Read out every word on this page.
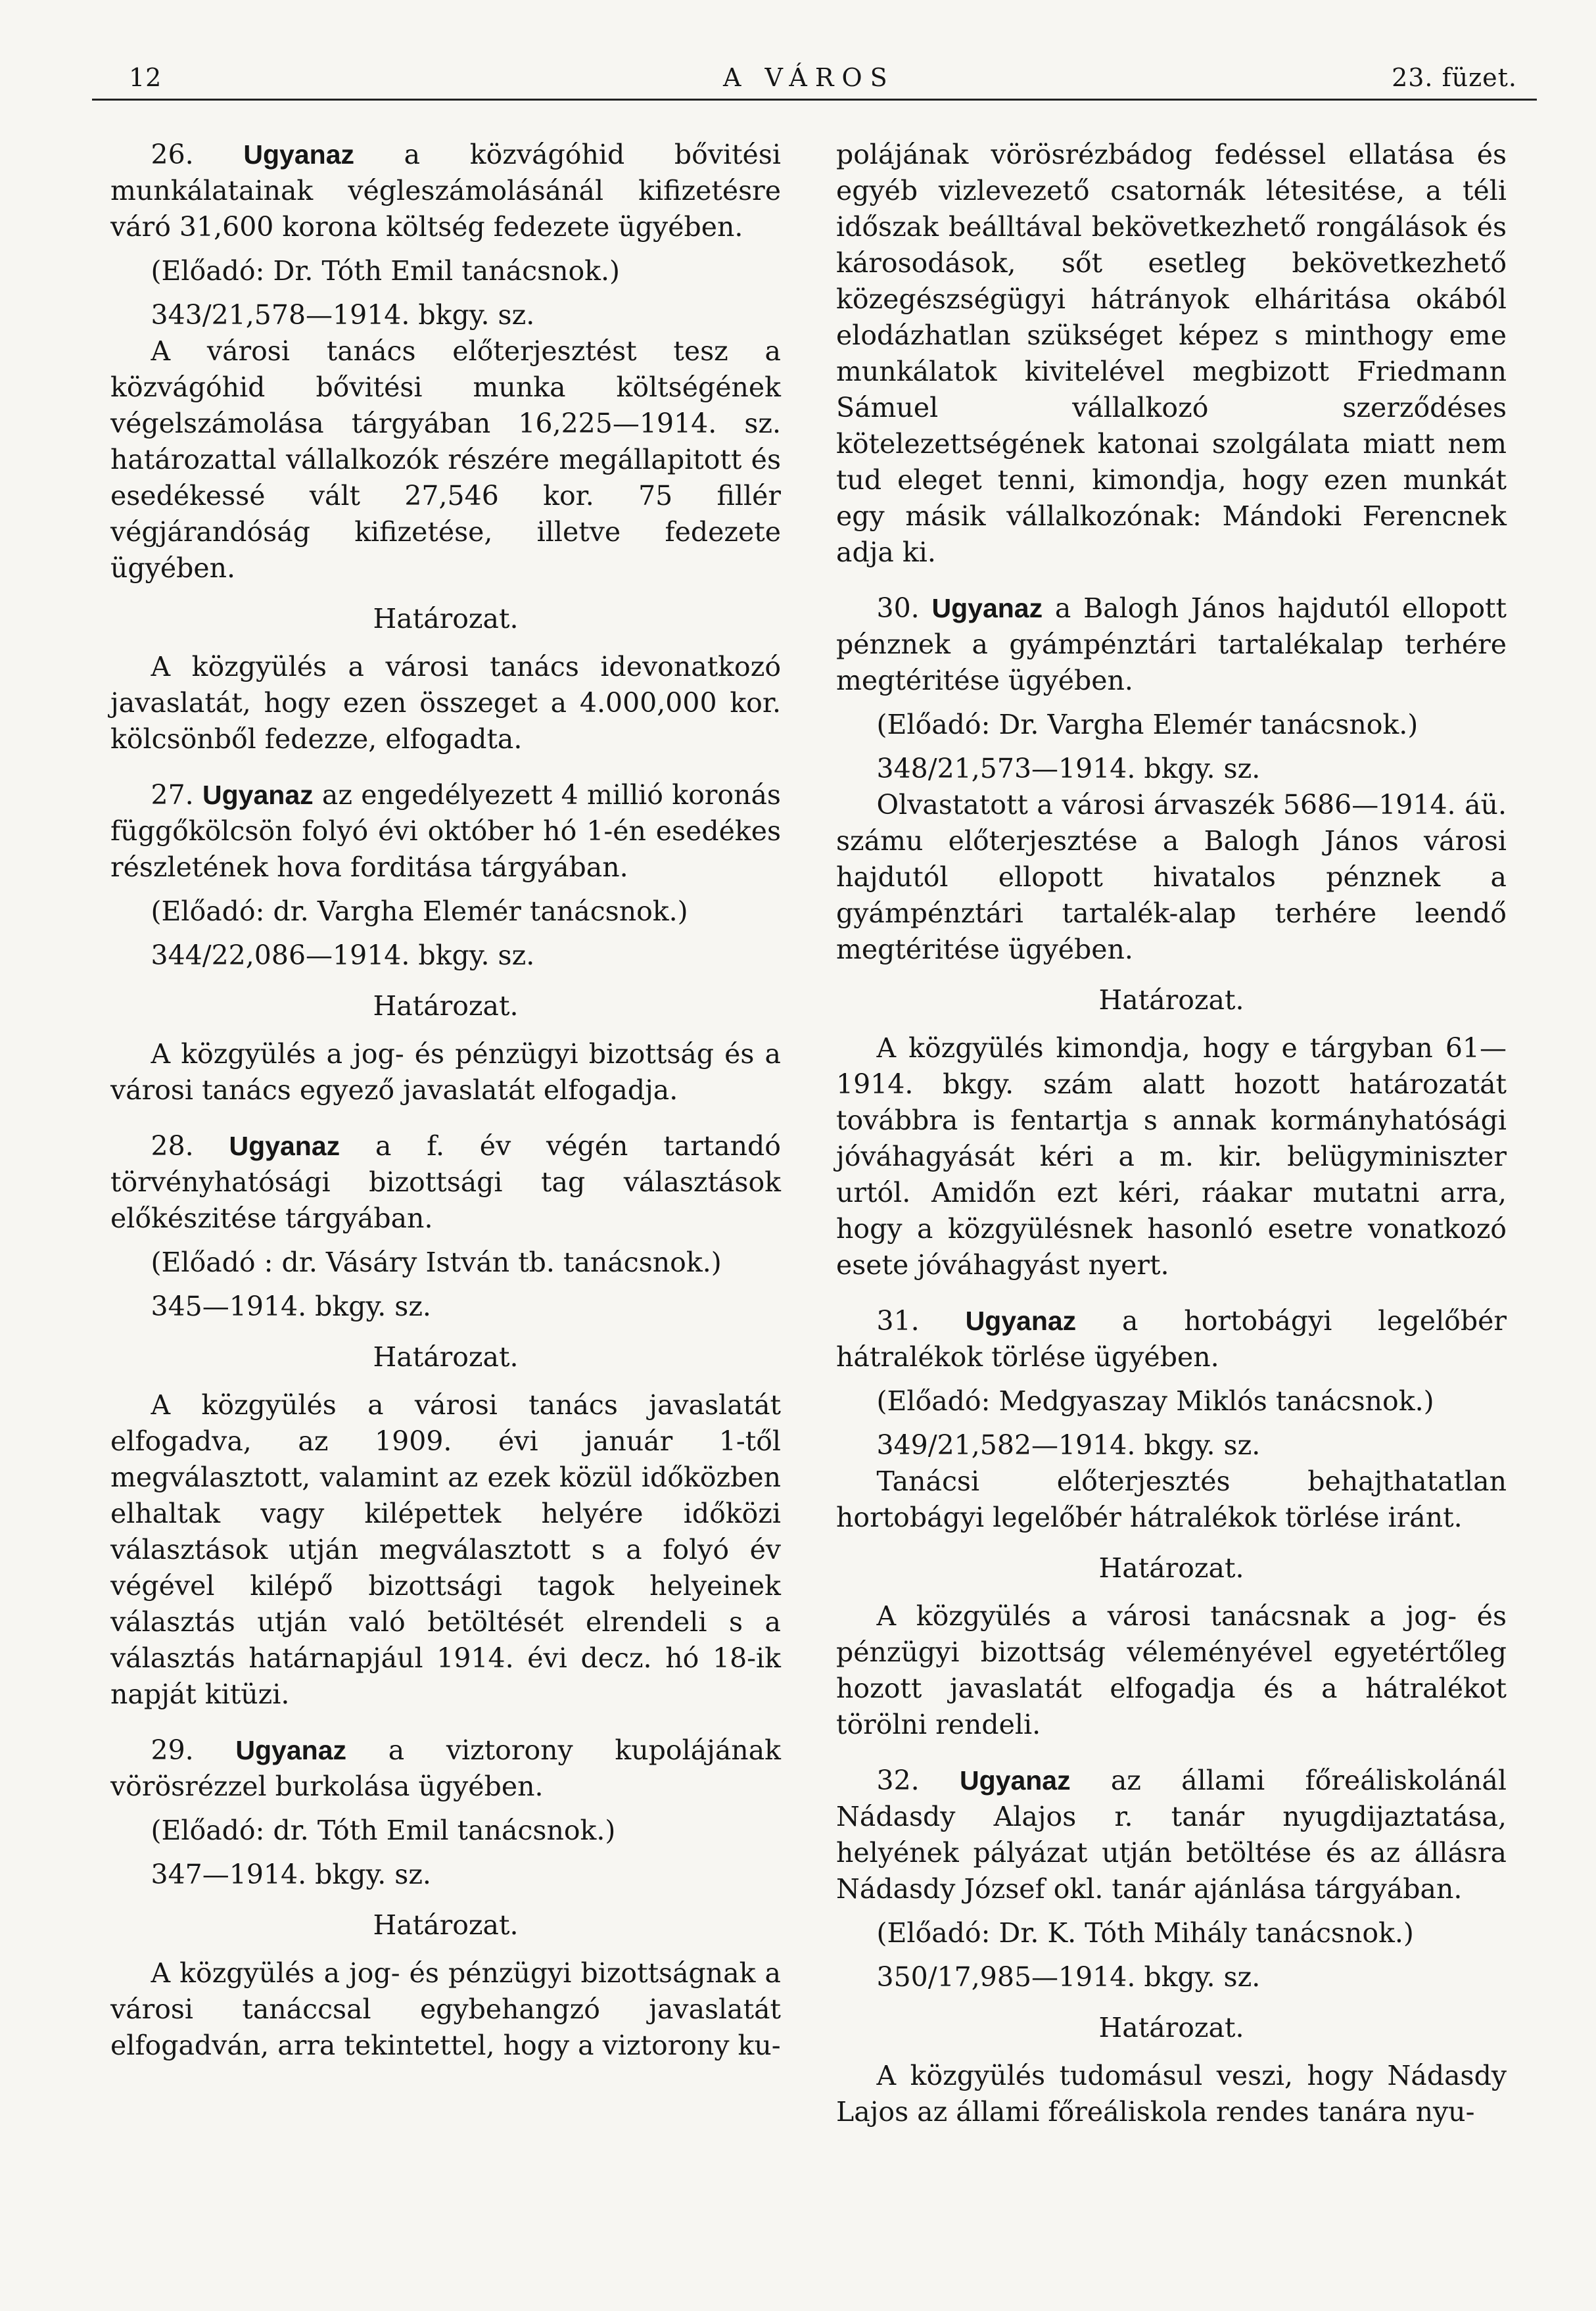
12	A VÁROS	23. füzet.

26. Ugyanaz a közvágóhid bővitési munkálatainak végleszámolásánál kifizetésre váró 31,600 korona költség fedezete ügyében.

(Előadó: Dr. Tóth Emil tanácsnok.)

343/21,578—1914. bkgy. sz.

A városi tanács előterjesztést tesz a közvágóhid bővitési munka költségének végelszámolása tárgyában 16,225—1914. sz. határozattal vállalkozók részére megállapitott és esedékessé vált 27,546 kor. 75 fillér végjárandóság kifizetése, illetve fedezete ügyében.

Határozat.

A közgyülés a városi tanács idevonatkozó javaslatát, hogy ezen összeget a 4.000,000 kor. kölcsönből fedezze, elfogadta.

27. Ugyanaz az engedélyezett 4 millió koronás függőkölcsön folyó évi október hó 1-én esedékes részletének hova forditása tárgyában.

(Előadó: dr. Vargha Elemér tanácsnok.)

344/22,086—1914. bkgy. sz.

Határozat.

A közgyülés a jog- és pénzügyi bizottság és a városi tanács egyező javaslatát elfogadja.

28. Ugyanaz a f. év végén tartandó törvényhatósági bizottsági tag választások előkészitése tárgyában.

(Előadó : dr. Vásáry István tb. tanácsnok.)

345—1914. bkgy. sz.

Határozat.

A közgyülés a városi tanács javaslatát elfogadva, az 1909. évi január 1-től megválasztott, valamint az ezek közül időközben elhaltak vagy kilépettek helyére időközi választások utján megválasztott s a folyó év végével kilépő bizottsági tagok helyeinek választás utján való betöltését elrendeli s a választás határnapjául 1914. évi decz. hó 18-ik napját kitüzi.

29. Ugyanaz a viztorony kupolájának vörösrézzel burkolása ügyében.

(Előadó: dr. Tóth Emil tanácsnok.)

347—1914. bkgy. sz.

Határozat.

A közgyülés a jog- és pénzügyi bizottságnak a városi tanáccsal egybehangzó javaslatát elfogadván, arra tekintettel, hogy a viztorony ku-

polájának vörösrézbádog fedéssel ellatása és egyéb vizlevezető csatornák létesitése, a téli időszak beálltával bekövetkezhető rongálások és károsodások, sőt esetleg bekövetkezhető közegészségügyi hátrányok elháritása okából elodázhatlan szükséget képez s minthogy eme munkálatok kivitelével megbizott Friedmann Sámuel vállalkozó szerződéses kötelezettségének katonai szolgálata miatt nem tud eleget tenni, kimondja, hogy ezen munkát egy másik vállalkozónak: Mándoki Ferencnek adja ki.

30. Ugyanaz a Balogh János hajdutól ellopott pénznek a gyámpénztári tartalékalap terhére megtéritése ügyében.

(Előadó: Dr. Vargha Elemér tanácsnok.)

348/21,573—1914. bkgy. sz.

Olvastatott a városi árvaszék 5686—1914. áü. számu előterjesztése a Balogh János városi hajdutól ellopott hivatalos pénznek a gyámpénztári tartalék-alap terhére leendő megtéritése ügyében.

Határozat.

A közgyülés kimondja, hogy e tárgyban 61—1914. bkgy. szám alatt hozott határozatát továbbra is fentartja s annak kormányhatósági jóváhagyását kéri a m. kir. belügyminiszter urtól. Amidőn ezt kéri, ráakar mutatni arra, hogy a közgyülésnek hasonló esetre vonatkozó esete jóváhagyást nyert.

31. Ugyanaz a hortobágyi legelőbér hátralékok törlése ügyében.

(Előadó: Medgyaszay Miklós tanácsnok.)

349/21,582—1914. bkgy. sz.

Tanácsi előterjesztés behajthatatlan hortobágyi legelőbér hátralékok törlése iránt.

Határozat.

A közgyülés a városi tanácsnak a jog- és pénzügyi bizottság véleményével egyetértőleg hozott javaslatát elfogadja és a hátralékot törölni rendeli.

32. Ugyanaz az állami főreáliskolánál Nádasdy Alajos r. tanár nyugdijaztatása, helyének pályázat utján betöltése és az állásra Nádasdy József okl. tanár ajánlása tárgyában.

(Előadó: Dr. K. Tóth Mihály tanácsnok.)

350/17,985—1914. bkgy. sz.

Határozat.

A közgyülés tudomásul veszi, hogy Nádasdy Lajos az állami főreáliskola rendes tanára nyu-
